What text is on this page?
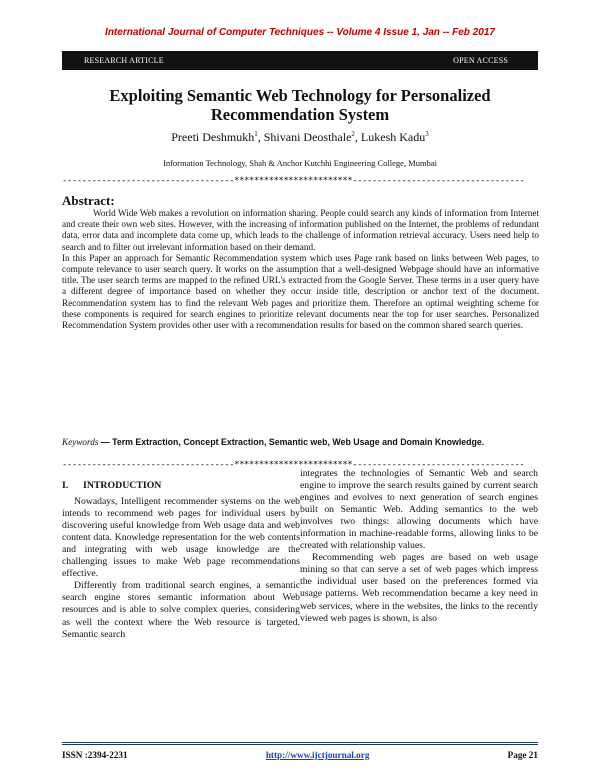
International Journal of Computer Techniques -- Volume 4 Issue 1, Jan -- Feb 2017
RESEARCH ARTICLE	OPEN ACCESS
Exploiting Semantic Web Technology for Personalized
Recommendation System
Preeti Deshmukh$^1$, Shivani Deosthale$^2$, Lukesh Kadu$^3$
Information Technology, Shah & Anchor Kutchhi Engineering College, Mumbai
-----------------------------------************************-----------------------------------
Abstract:

World Wide Web makes a revolution on information sharing. People could search any kinds of information from Internet and create their own web sites. However, with the increasing of information published on the Internet, the problems of redundant data, error data and incomplete data come up, which leads to the challenge of information retrieval accuracy. Users need help to search and to filter out irrelevant information based on their demand.

In this Paper an approach for Semantic Recommendation system which uses Page rank based on links between Web pages, to compute relevance to user search query. It works on the assumption that a well-designed Webpage should have an informative title. The user search terms are mapped to the refined URL's extracted from the Google Server. These terms in a user query have a different degree of importance based on whether they occur inside title, description or anchor text of the document. Recommendation system has to find the relevant Web pages and prioritize them. Therefore an optimal weighting scheme for these components is required for search engines to prioritize relevant documents near the top for user searches. Personalized Recommendation System provides other user with a recommendation results for based on the common shared search queries.

Keywords — Term Extraction, Concept Extraction, Semantic web, Web Usage and Domain Knowledge.
-----------------------------------************************-----------------------------------

I. INTRODUCTION

Nowadays, Intelligent recommender systems on the web intends to recommend web pages for individual users by discovering useful knowledge from Web usage data and web content data. Knowledge representation for the web contents and integrating with web usage knowledge are the challenging issues to make Web page recommendations effective.

Differently from traditional search engines, a semantic search engine stores semantic information about Web resources and is able to solve complex queries, considering as well the context where the Web resource is targeted. Semantic search

integrates the technologies of Semantic Web and search engine to improve the search results gained by current search engines and evolves to next generation of search engines built on Semantic Web. Adding semantics to the web involves two things: allowing documents which have information in machine-readable forms, allowing links to be created with relationship values.

Recommending web pages are based on web usage mining so that can serve a set of web pages which impress the individual user based on the preferences formed via usage patterns. Web recommendation became a key need in web services, where in the websites, the links to the recently viewed web pages is shown, is also

ISSN :2394-2231	http://www.ijctjournal.org	Page 21
